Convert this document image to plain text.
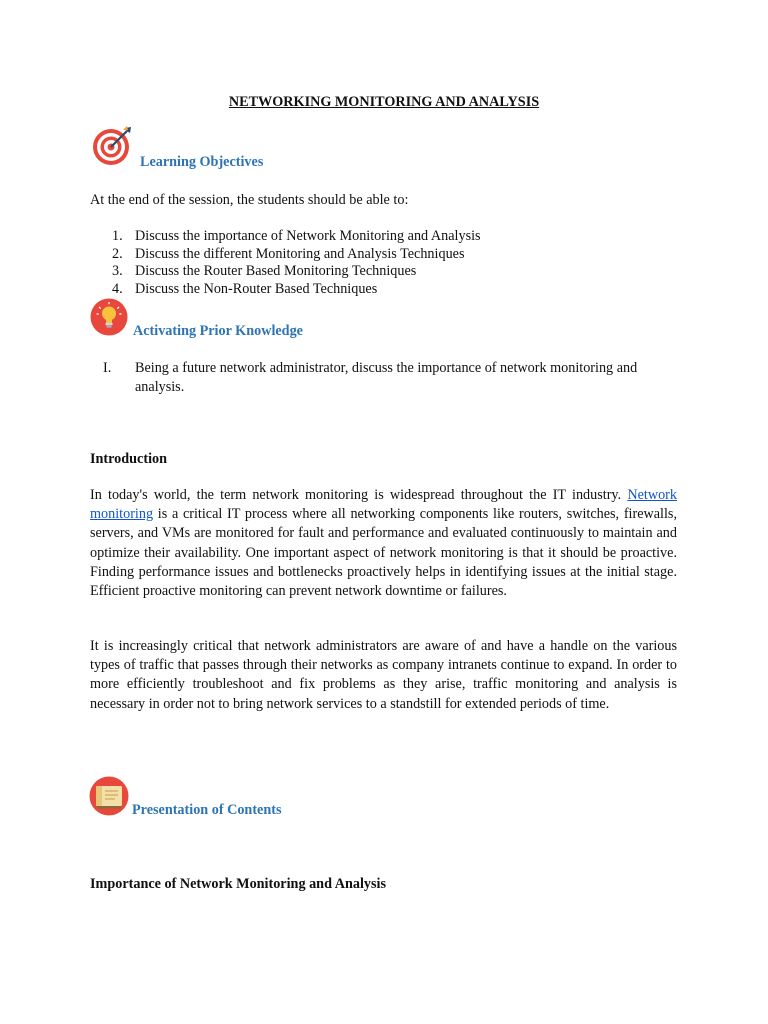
NETWORKING MONITORING AND ANALYSIS
Learning Objectives

At the end of the session, the students should be able to:

1. Discuss the importance of Network Monitoring and Analysis
2. Discuss the different Monitoring and Analysis Techniques
3. Discuss the Router Based Monitoring Techniques
4. Discuss the Non-Router Based Techniques
Activating Prior Knowledge
I. Being a future network administrator, discuss the importance of network monitoring and analysis.
Introduction

In today's world, the term network monitoring is widespread throughout the IT industry. Network monitoring is a critical IT process where all networking components like routers, switches, firewalls, servers, and VMs are monitored for fault and performance and evaluated continuously to maintain and optimize their availability. One important aspect of network monitoring is that it should be proactive. Finding performance issues and bottlenecks proactively helps in identifying issues at the initial stage. Efficient proactive monitoring can prevent network downtime or failures.

It is increasingly critical that network administrators are aware of and have a handle on the various types of traffic that passes through their networks as company intranets continue to expand. In order to more efficiently troubleshoot and fix problems as they arise, traffic monitoring and analysis is necessary in order not to bring network services to a standstill for extended periods of time.

Presentation of Contents
Importance of Network Monitoring and Analysis
